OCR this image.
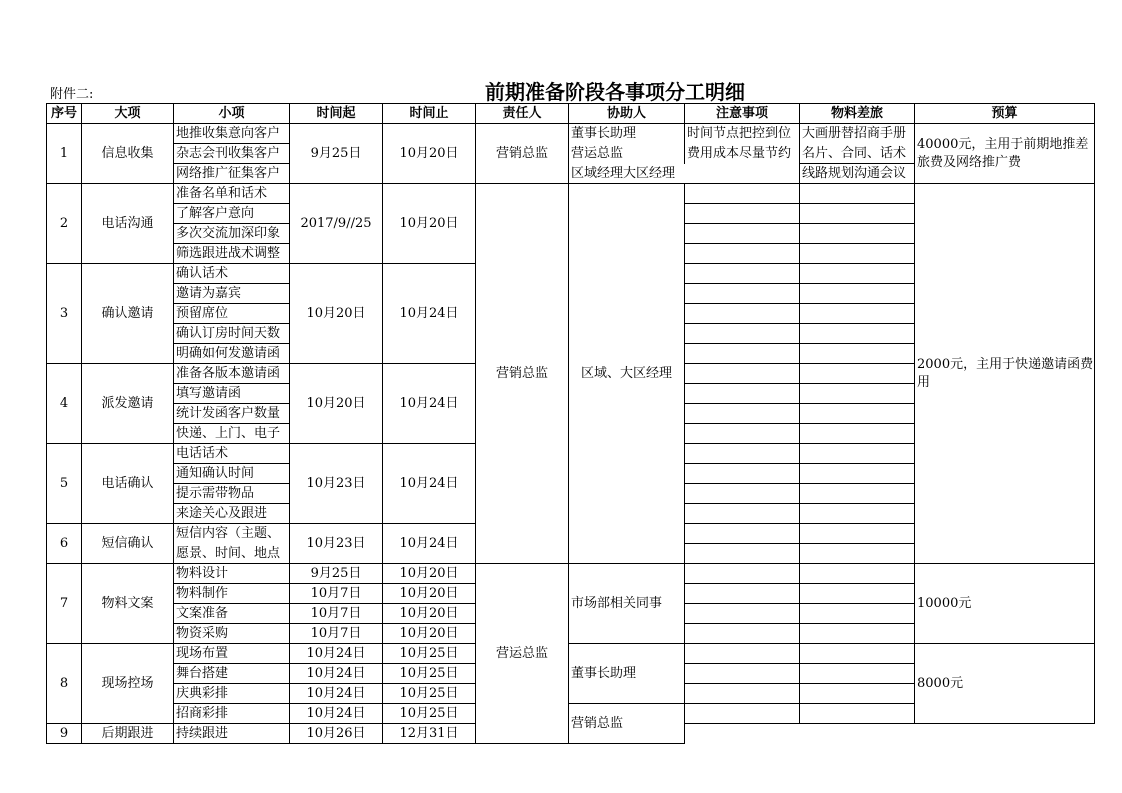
附件二:	前期准备阶段各事项分工明细
序号	大项	小项	时间起	时间止	责任人	协助人	注意事项	物料差旅	预算
1	信息收集	地推收集意向客户	9月25日	10月20日	营销总监	董事长助理	时间节点把控到位	大画册替招商手册	40000元，主用于前期地推差旅费及网络推广费
		杂志会刊收集客户				营运总监	费用成本尽量节约	名片、合同、话术	
		网络推广征集客户				区域经理大区经理		线路规划沟通会议	
2	电话沟通	准备名单和话术	2017/9//25	10月20日	营销总监	区域、大区经理			2000元，主用于快递邀请函费用
		了解客户意向							
		多次交流加深印象							
		筛选跟进战术调整							
3	确认邀请	确认话术	10月20日	10月24日					
		邀请为嘉宾							
		预留席位							
		确认订房时间天数							
		明确如何发邀请函							
4	派发邀请	准备各版本邀请函	10月20日	10月24日					
		填写邀请函							
		统计发函客户数量							
		快递、上门、电子							
5	电话确认	电话话术	10月23日	10月24日					
		通知确认时间							
		提示需带物品							
		来途关心及跟进							
6	短信确认	短信内容（主题、	10月23日	10月24日					
		愿景、时间、地点							
7	物料文案	物料设计	9月25日	10月20日	营运总监	市场部相关同事			10000元
		物料制作	10月7日	10月20日					
		文案准备	10月7日	10月20日					
		物资采购	10月7日	10月20日					
8	现场控场	现场布置	10月24日	10月25日		董事长助理			8000元
		舞台搭建	10月24日	10月25日					
		庆典彩排	10月24日	10月25日					
		招商彩排	10月24日	10月25日		营销总监			
9	后期跟进	持续跟进	10月26日	12月31日					
